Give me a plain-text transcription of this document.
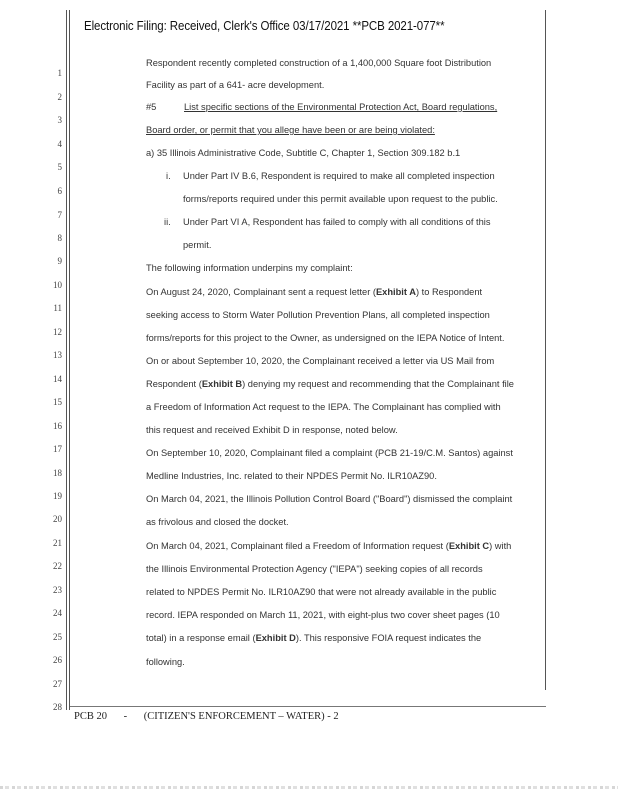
Electronic Filing: Received, Clerk's Office 03/17/2021 **PCB 2021-077**
1
2
3
4
5
6
7
8
9
10
11
12
13
14
15
16
17
18
19
20
21
22
23
24
25
26
27
28
Respondent recently completed construction of a 1,400,000 Square foot Distribution
Facility as part of a 641- acre development.
#5	List specific sections of the Environmental Protection Act, Board regulations,
Board order, or permit that you allege have been or are being violated:
a) 35 Illinois Administrative Code, Subtitle C, Chapter 1, Section 309.182 b.1
i. Under Part IV B.6, Respondent is required to make all completed inspection
forms/reports required under this permit available upon request to the public.
ii. Under Part VI A, Respondent has failed to comply with all conditions of this
permit.
The following information underpins my complaint:
On August 24, 2020, Complainant sent a request letter (Exhibit A) to Respondent
seeking access to Storm Water Pollution Prevention Plans, all completed inspection
forms/reports for this project to the Owner, as undersigned on the IEPA Notice of Intent.
On or about September 10, 2020, the Complainant received a letter via US Mail from
Respondent (Exhibit B) denying my request and recommending that the Complainant file
a Freedom of Information Act request to the IEPA. The Complainant has complied with
this request and received Exhibit D in response, noted below.
On September 10, 2020, Complainant filed a complaint (PCB 21-19/C.M. Santos) against
Medline Industries, Inc. related to their NPDES Permit No. ILR10AZ90.
On March 04, 2021, the Illinois Pollution Control Board ("Board") dismissed the complaint
as frivolous and closed the docket.
On March 04, 2021, Complainant filed a Freedom of Information request (Exhibit C) with
the Illinois Environmental Protection Agency ("IEPA") seeking copies of all records
related to NPDES Permit No. ILR10AZ90 that were not already available in the public
record. IEPA responded on March 11, 2021, with eight-plus two cover sheet pages (10
total) in a response email (Exhibit D). This responsive FOIA request indicates the
following.
PCB 20 - (CITIZEN'S ENFORCEMENT – WATER) - 2
